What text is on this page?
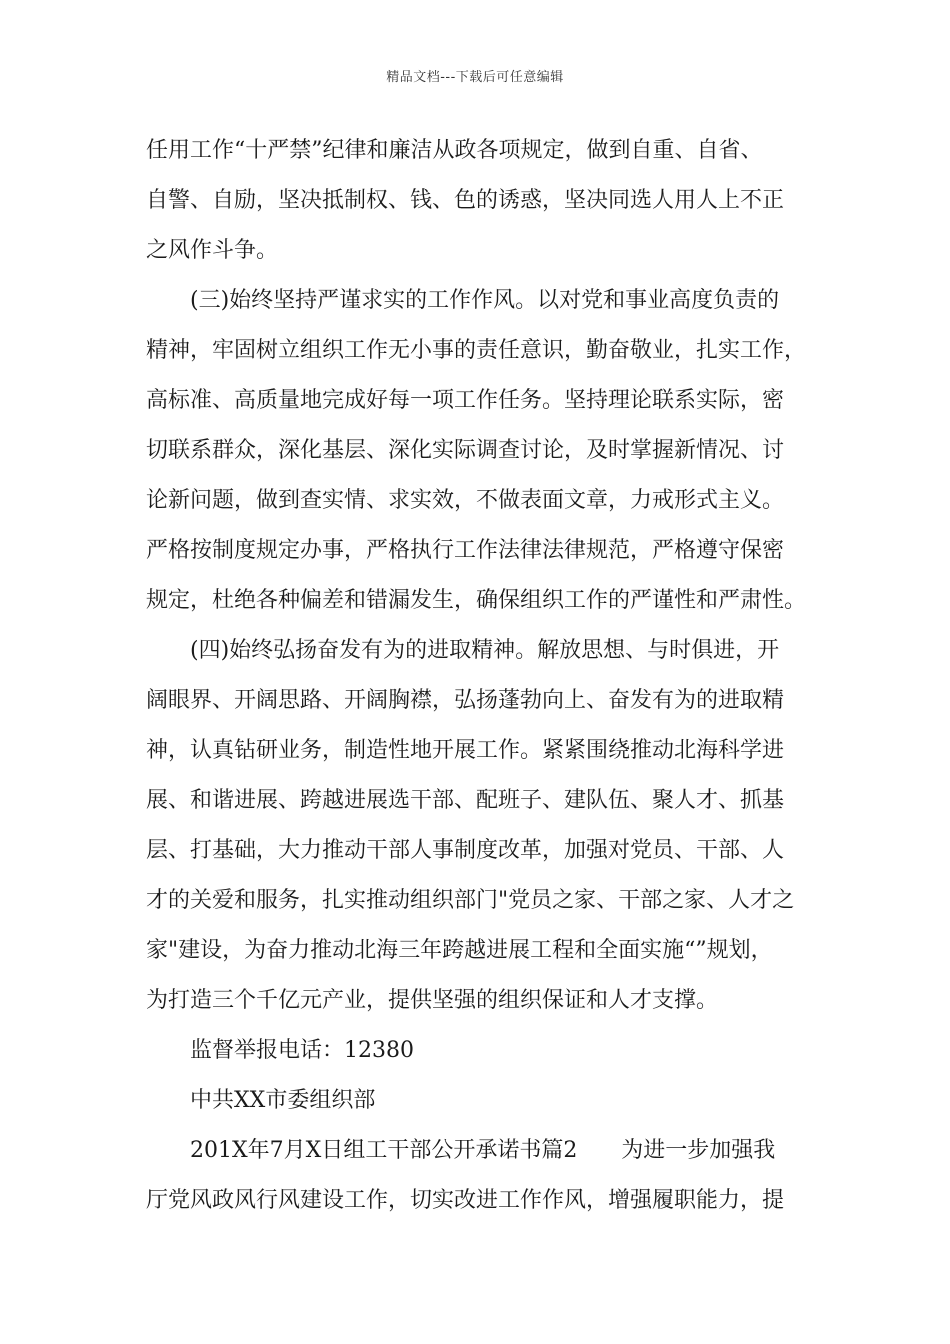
精品文档---下载后可任意编辑
任用工作“十严禁”纪律和廉洁从政各项规定，做到自重、自省、
自警、自励，坚决抵制权、钱、色的诱惑，坚决同选人用人上不正
之风作斗争。
(三)始终坚持严谨求实的工作作风。以对党和事业高度负责的
精神，牢固树立组织工作无小事的责任意识，勤奋敬业，扎实工作，
高标准、高质量地完成好每一项工作任务。坚持理论联系实际，密
切联系群众，深化基层、深化实际调查讨论，及时掌握新情况、讨
论新问题，做到查实情、求实效，不做表面文章，力戒形式主义。
严格按制度规定办事，严格执行工作法律法律规范，严格遵守保密
规定，杜绝各种偏差和错漏发生，确保组织工作的严谨性和严肃性。
(四)始终弘扬奋发有为的进取精神。解放思想、与时俱进，开
阔眼界、开阔思路、开阔胸襟，弘扬蓬勃向上、奋发有为的进取精
神，认真钻研业务，制造性地开展工作。紧紧围绕推动北海科学进
展、和谐进展、跨越进展选干部、配班子、建队伍、聚人才、抓基
层、打基础，大力推动干部人事制度改革，加强对党员、干部、人
才的关爱和服务，扎实推动组织部门"党员之家、干部之家、人才之
家"建设，为奋力推动北海三年跨越进展工程和全面实施“”规划，
为打造三个千亿元产业，提供坚强的组织保证和人才支撑。
监督举报电话：12380
中共XX市委组织部
201X年7月X日组工干部公开承诺书篇2　　为进一步加强我
厅党风政风行风建设工作，切实改进工作作风，增强履职能力，提
